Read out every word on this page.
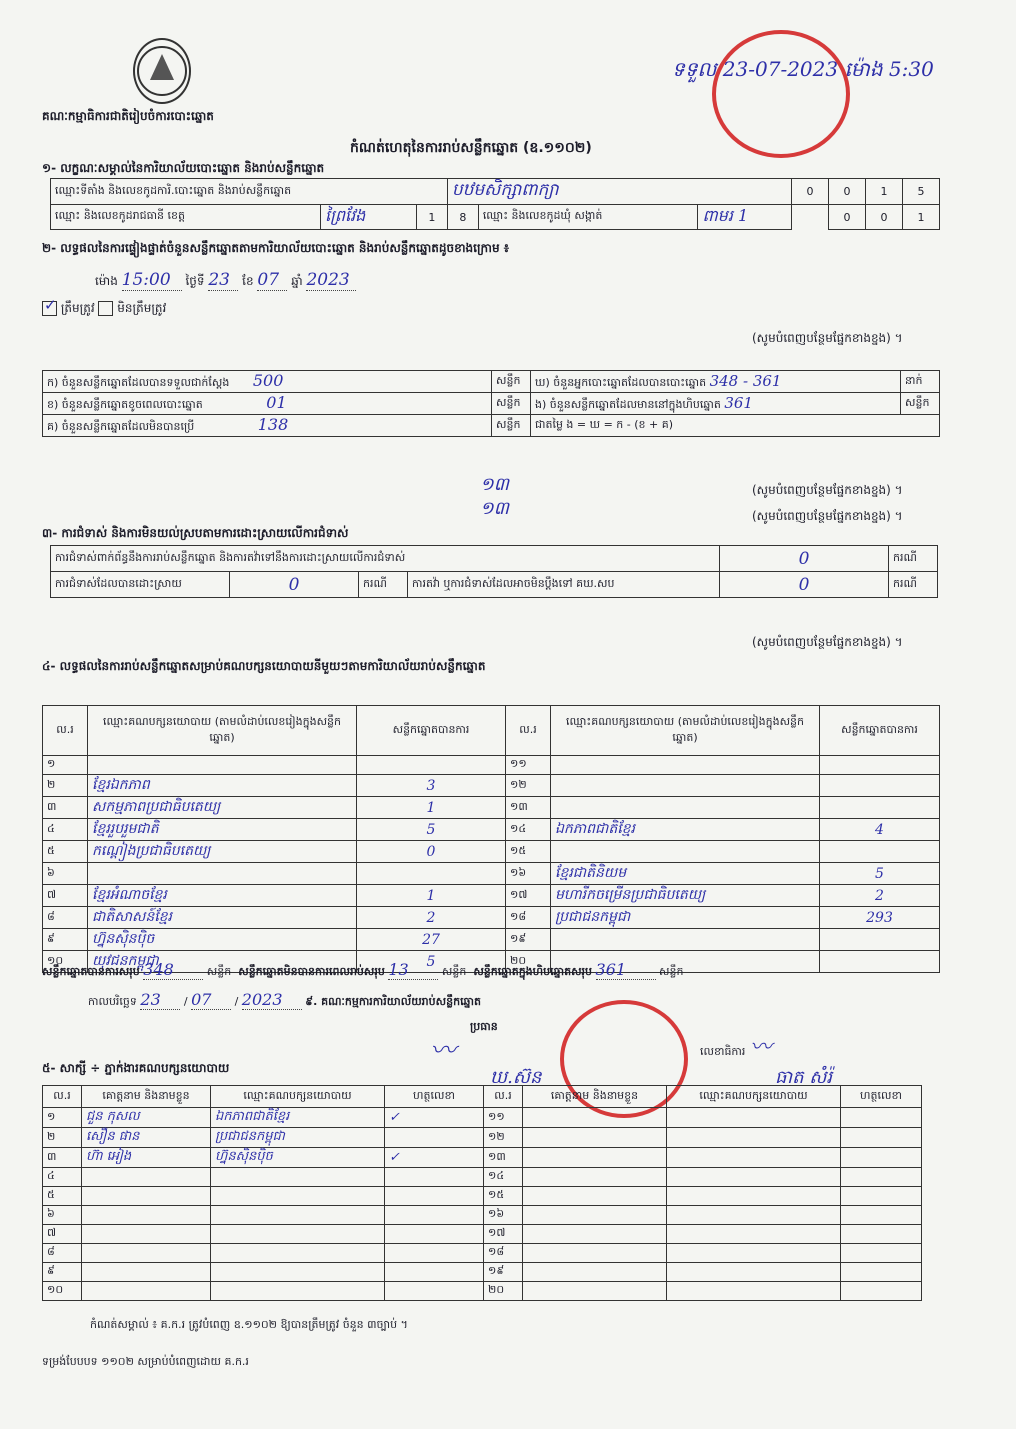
គណៈកម្មាធិការជាតិរៀបចំការបោះឆ្នោត
កំណត់ហេតុនៃការរាប់សន្លឹកឆ្នោត (ឧ.១១០២)
ទទួល 23-07-2023 ម៉ោង 5:30
១- លក្ខណៈសម្គាល់នៃការិយាល័យបោះឆ្នោត និងរាប់សន្លឹកឆ្នោត
ឈ្មោះទីតាំង និងលេខកូដការិ.បោះឆ្នោត និងរាប់សន្លឹកឆ្នោត			បឋមសិក្សាពាក្យា			0	0	1	5
ឈ្មោះ និងលេខកូដរាជធានី ខេត្ត	ព្រៃវែង	1	8	ឈ្មោះ និងលេខកូដឃុំ សង្កាត់	ពាមរ 1		0	0	1
២- លទ្ធផលនៃការផ្ទៀងផ្ទាត់ចំនួនសន្លឹកឆ្នោតតាមការិយាល័យបោះឆ្នោត និងរាប់សន្លឹកឆ្នោតដូចខាងក្រោម ៖
ម៉ោង 15:00 ថ្ងៃទី 23 ខែ 07 ឆ្នាំ 2023
✓ ត្រឹមត្រូវ មិនត្រឹមត្រូវ
(សូមបំពេញបន្ថែមផ្នែកខាងខ្នង) ។
ក) ចំនួនសន្លឹកឆ្នោតដែលបានទទួលជាក់ស្តែង 500	សន្លឹក	ឃ) ចំនួនអ្នកបោះឆ្នោតដែលបានបោះឆ្នោត 348 - 361	នាក់
ខ) ចំនួនសន្លឹកឆ្នោតខូចពេលបោះឆ្នោត 01	សន្លឹក	ង) ចំនួនសន្លឹកឆ្នោតដែលមាននៅក្នុងហិបឆ្នោត 361	សន្លឹក
គ) ចំនួនសន្លឹកឆ្នោតដែលមិនបានប្រើ 138	សន្លឹក	ជាតម្លៃ ង = ឃ = ក - (ខ + គ)	
១៣	(សូមបំពេញបន្ថែមផ្នែកខាងខ្នង) ។
១៣	(សូមបំពេញបន្ថែមផ្នែកខាងខ្នង) ។
៣- ការជំទាស់ និងការមិនយល់ស្របតាមការដោះស្រាយលើការជំទាស់
ការជំទាស់ពាក់ព័ន្ធនឹងការរាប់សន្លឹកឆ្នោត និងការតវ៉ាទៅនឹងការដោះស្រាយលើការជំទាស់				0	ករណី
ការជំទាស់ដែលបានដោះស្រាយ	0	ករណី	ការតវ៉ា ឬការជំទាស់ដែលអាចមិនប្តឹងទៅ គឃ.សប	0	ករណី
(សូមបំពេញបន្ថែមផ្នែកខាងខ្នង) ។
៤- លទ្ធផលនៃការរាប់សន្លឹកឆ្នោតសម្រាប់គណបក្សនយោបាយនីមួយៗតាមការិយាល័យរាប់សន្លឹកឆ្នោត
ល.រ	ឈ្មោះគណបក្សនយោបាយ (តាមលំដាប់លេខរៀងក្នុងសន្លឹកឆ្នោត)	សន្លឹកឆ្នោតបានការ	ល.រ	ឈ្មោះគណបក្សនយោបាយ (តាមលំដាប់លេខរៀងក្នុងសន្លឹកឆ្នោត)	សន្លឹកឆ្នោតបានការ
១			១១		
២	ខ្មែរឯកភាព	3	១២		
៣	សកម្មភាពប្រជាធិបតេយ្យ	1	១៣		
៤	ខ្មែររួបរួមជាតិ	5	១៤	ឯកភាពជាតិខ្មែរ	4
៥	កណ្តៀងប្រជាធិបតេយ្យ	0	១៥		
៦			១៦	ខ្មែរជាតិនិយម	5
៧	ខ្មែរអំណាចខ្មែរ	1	១៧	មហារីកចម្រើនប្រជាធិបតេយ្យ	2
៨	ជាតិសាសន៍ខ្មែរ	2	១៨	ប្រជាជនកម្ពុជា	293
៩	ហ្វ៊ុនស៊ិនប៉ិច	27	១៩		
១០	យុវជនកម្ពុជា	5	២០		
សន្លឹកឆ្នោតបានការសរុប 348	សន្លឹក សន្លឹកឆ្នោតមិនបានការពេលរាប់សរុប 13	សន្លឹក សន្លឹកឆ្នោតក្នុងហិបឆ្នោតសរុប 361	សន្លឹក
កាលបរិច្ឆេទ 23 / 07 / 2023 ៩. គណៈកម្មការការិយាល័យរាប់សន្លឹកឆ្នោត
ប្រធាន
〰
ឃ.ស៊ន
លេខាធិការ 〰
ធាត សំរ៉
៥- សាក្សី ÷ ភ្នាក់ងារគណបក្សនយោបាយ
ល.រ	គោត្តនាម និងនាមខ្លួន	ឈ្មោះគណបក្សនយោបាយ	ហត្ថលេខា	ល.រ	គោត្តនាម និងនាមខ្លួន	ឈ្មោះគណបក្សនយោបាយ	ហត្ថលេខា
១	ជួន កុសល	ឯកភាពជាតិខ្មែរ	✓	១១			
២	សឿន ផាន	ប្រជាជនកម្ពុជា		១២			
៣	ហ៊ា អៀង	ហ្វ៊ុនស៊ិនប៉ិច	✓	១៣			
៤				១៤			
៥				១៥			
៦				១៦			
៧				១៧			
៨				១៨			
៩				១៩			
១០				២០			
កំណត់សម្គាល់ ៖ គ.ក.រ ត្រូវបំពេញ ឧ.១១០២ ឱ្យបានត្រឹមត្រូវ ចំនួន ៣ច្បាប់ ។
ទម្រង់បែបបទ ១១០២ សម្រាប់បំពេញដោយ គ.ក.រ
